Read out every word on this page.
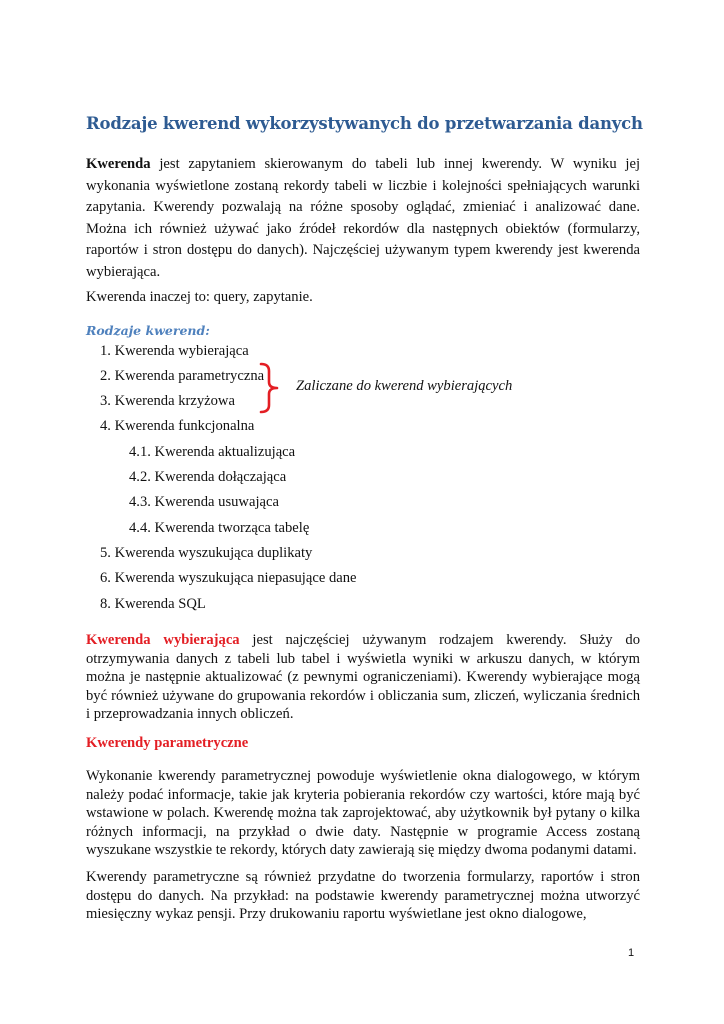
Rodzaje kwerend wykorzystywanych do przetwarzania danych
Kwerenda jest zapytaniem skierowanym do tabeli lub innej kwerendy. W wyniku jej wykonania wyświetlone zostaną rekordy tabeli w liczbie i kolejności spełniających warunki zapytania. Kwerendy pozwalają na różne sposoby oglądać, zmieniać i analizować dane. Można ich również używać jako źródeł rekordów dla następnych obiektów (formularzy, raportów i stron dostępu do danych). Najczęściej używanym typem kwerendy jest kwerenda wybierająca.
Kwerenda inaczej to: query, zapytanie.
Rodzaje kwerend:
1. Kwerenda wybierająca
2. Kwerenda parametryczna
3. Kwerenda krzyżowa
4. Kwerenda funkcjonalna
4.1. Kwerenda aktualizująca
4.2. Kwerenda dołączająca
4.3. Kwerenda usuwająca
4.4. Kwerenda tworząca tabelę
5. Kwerenda wyszukująca duplikaty
6. Kwerenda wyszukująca niepasujące dane
8. Kwerenda SQL
Zaliczane do kwerend wybierających
Kwerenda wybierająca jest najczęściej używanym rodzajem kwerendy. Służy do otrzymywania danych z tabeli lub tabel i wyświetla wyniki w arkuszu danych, w którym można je następnie aktualizować (z pewnymi ograniczeniami). Kwerendy wybierające mogą być również używane do grupowania rekordów i obliczania sum, zliczeń, wyliczania średnich i przeprowadzania innych obliczeń.
Kwerendy parametryczne
Wykonanie kwerendy parametrycznej powoduje wyświetlenie okna dialogowego, w którym należy podać informacje, takie jak kryteria pobierania rekordów czy wartości, które mają być wstawione w polach. Kwerendę można tak zaprojektować, aby użytkownik był pytany o kilka różnych informacji, na przykład o dwie daty. Następnie w programie Access zostaną wyszukane wszystkie te rekordy, których daty zawierają się między dwoma podanymi datami.
Kwerendy parametryczne są również przydatne do tworzenia formularzy, raportów i stron dostępu do danych. Na przykład: na podstawie kwerendy parametrycznej można utworzyć miesięczny wykaz pensji. Przy drukowaniu raportu wyświetlane jest okno dialogowe,
1
